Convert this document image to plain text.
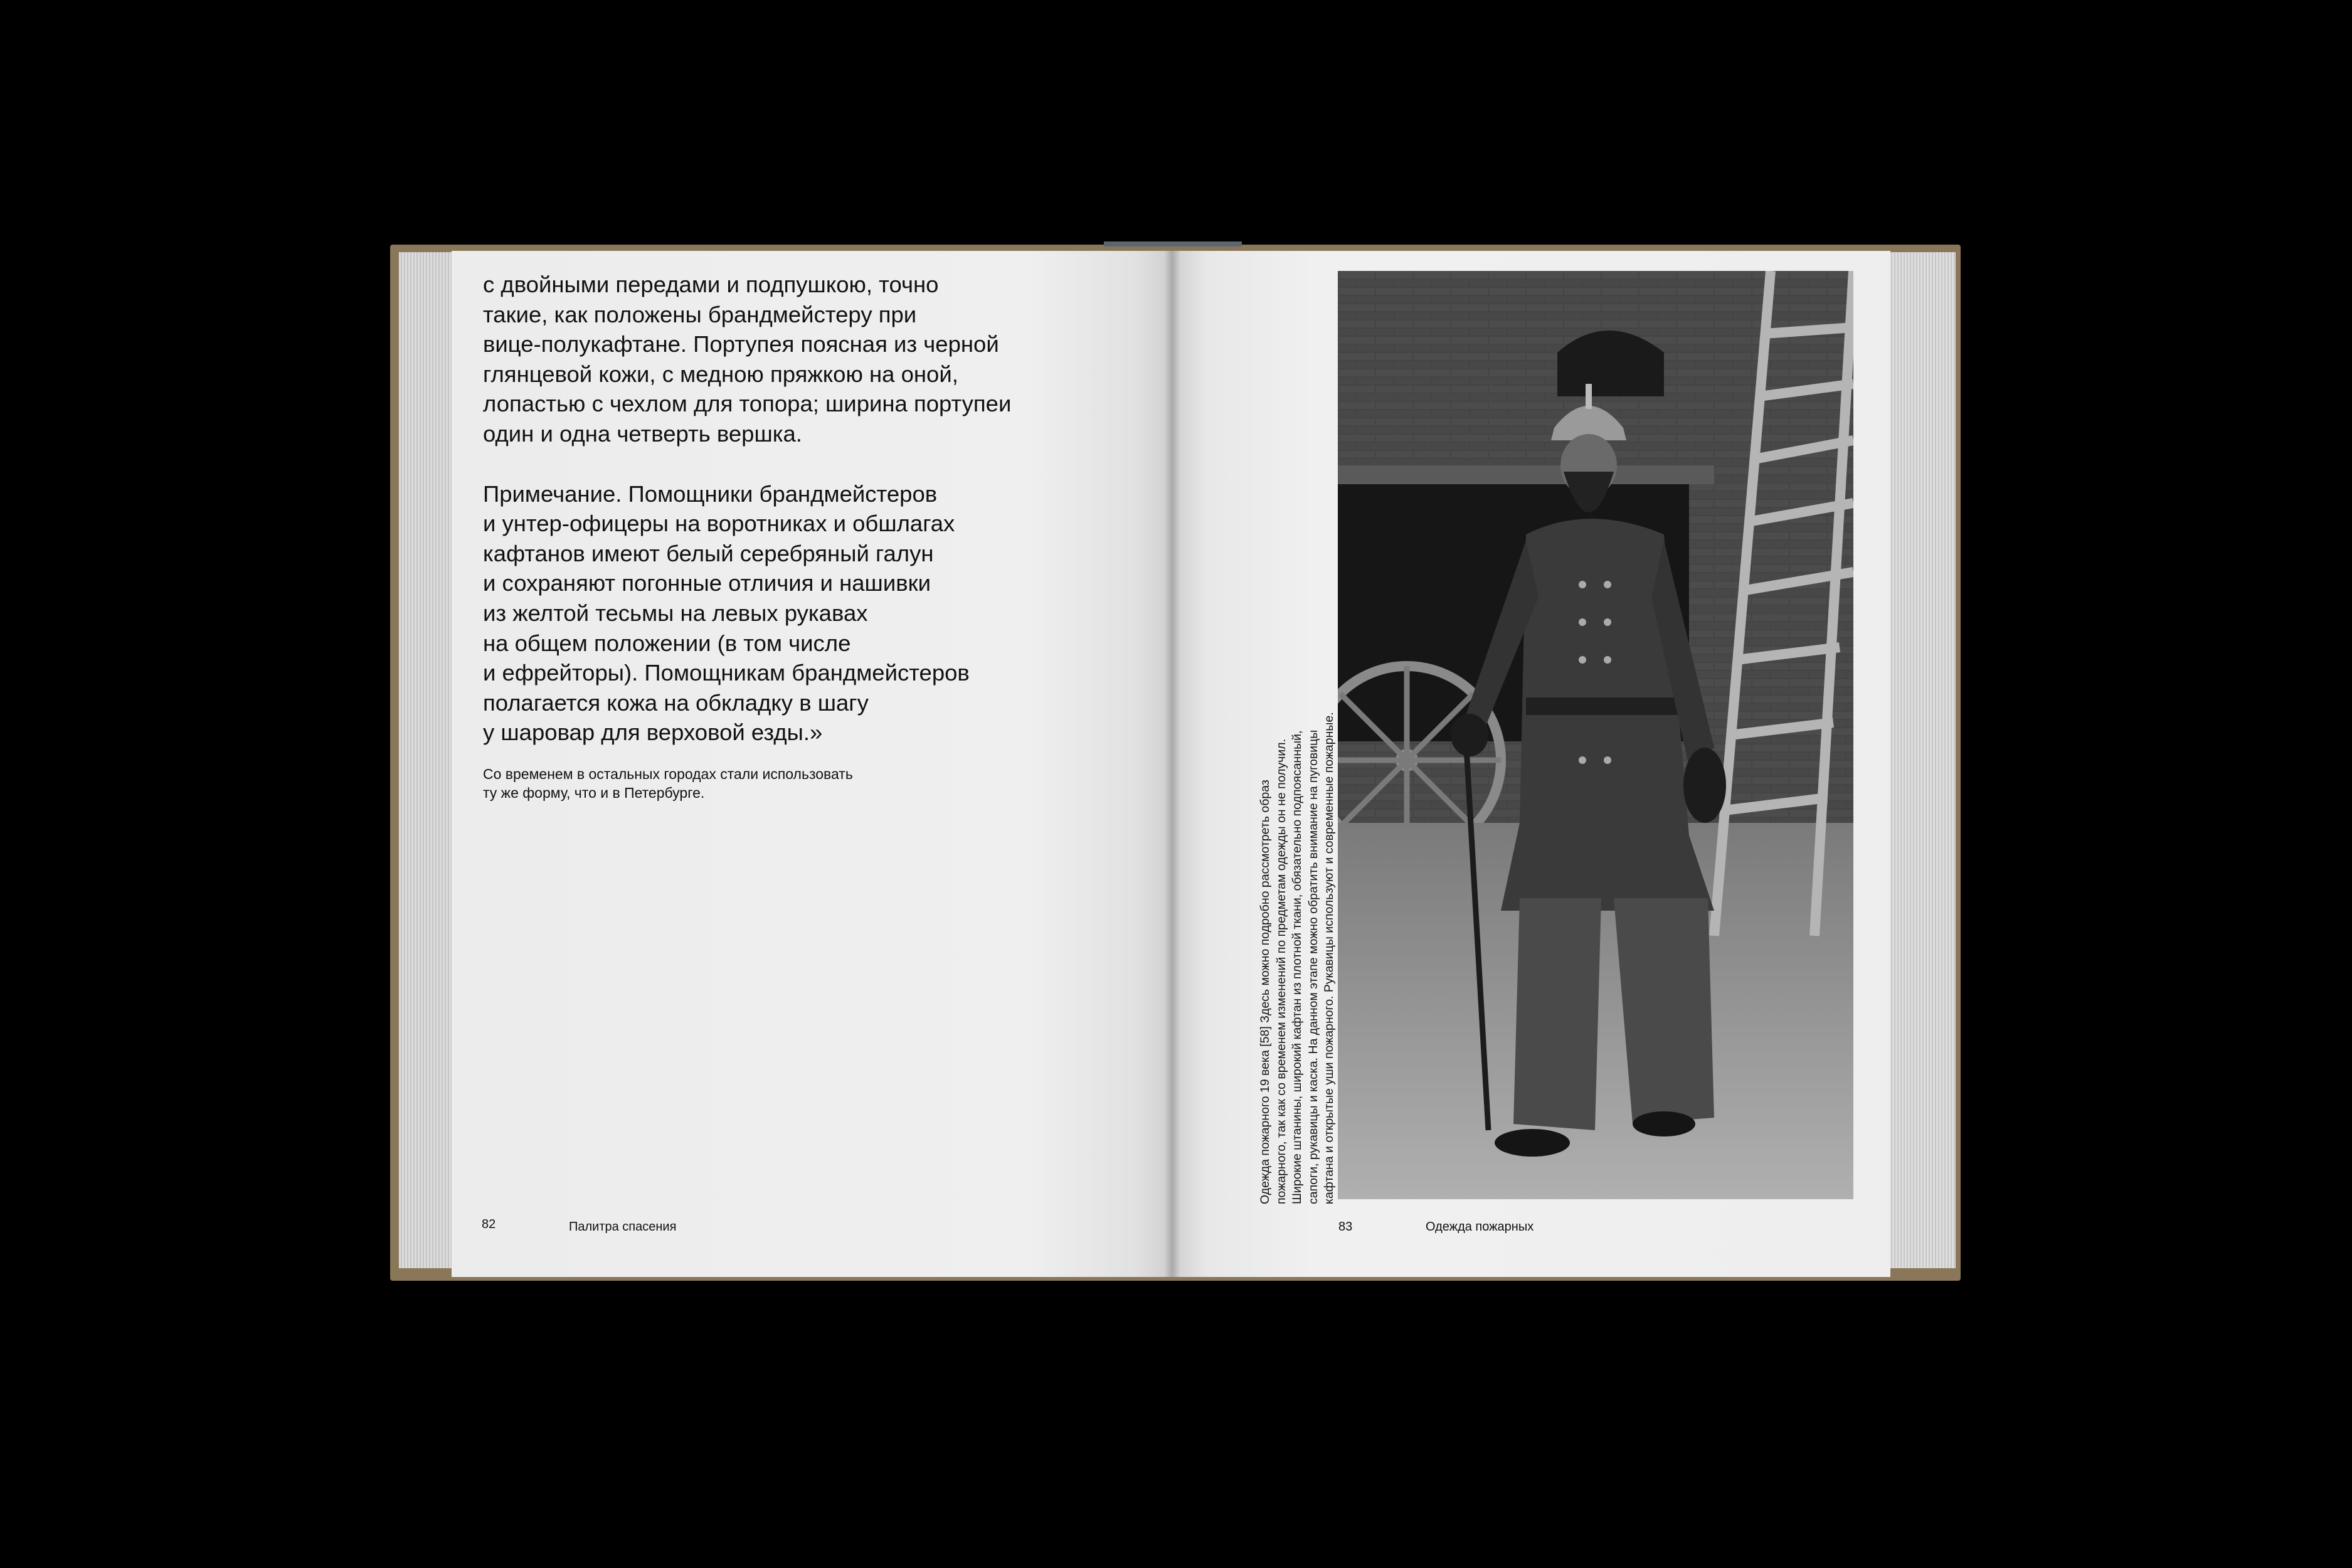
с двойными передами и подпушкою, точно
такие, как положены брандмейстеру при
вице-полукафтане. Портупея поясная из черной
глянцевой кожи, с медною пряжкою на оной,
лопастью с чехлом для топора; ширина портупеи
один и одна четверть вершка.
Примечание. Помощники брандмейстеров
и унтер-офицеры на воротниках и обшлагах
кафтанов имеют белый серебряный галун
и сохраняют погонные отличия и нашивки
из желтой тесьмы на левых рукавах
на общем положении (в том числе
и ефрейторы). Помощникам брандмейстеров
полагается кожа на обкладку в шагу
у шаровар для верховой езды.»
Со временем в остальных городах стали использовать
ту же форму, что и в Петербурге.
82	Палитра спасения
Одежда пожарного 19 века [58] Здесь можно подробно рассмотреть образ пожарного, так как со временем изменений по предметам одежды он не получил. Широкие штанины, широкий кафтан из плотной ткани, обязательно подпоясанный, сапоги, рукавицы и каска. На данном этапе можно обратить внимание на пуговицы кафтана и открытые уши пожарного. Рукавицы используют и современные пожарные.
83	Одежда пожарных
